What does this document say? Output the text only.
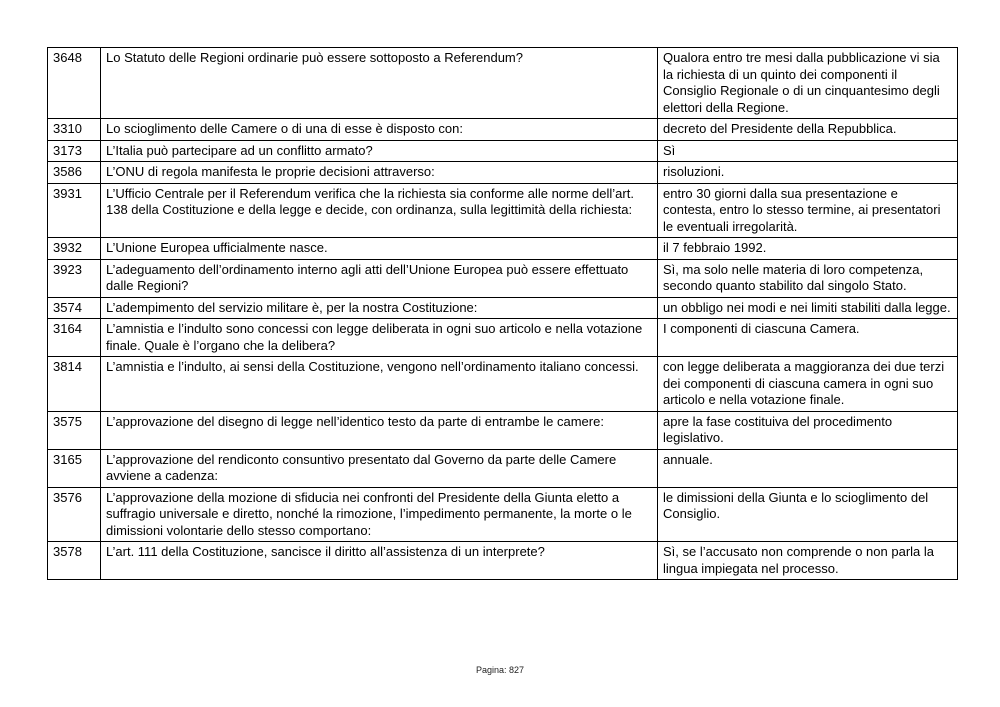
3648	Lo Statuto delle Regioni ordinarie può essere sottoposto a Referendum?	Qualora entro tre mesi dalla pubblicazione vi sia la richiesta di un quinto dei componenti il Consiglio Regionale o di un cinquantesimo degli elettori della Regione.
3310	Lo scioglimento delle Camere o di una di esse è disposto con:	decreto del Presidente della Repubblica.
3173	L’Italia può partecipare ad un conflitto armato?	Sì
3586	L’ONU di regola manifesta le proprie decisioni attraverso:	risoluzioni.
3931	L’Ufficio Centrale per il Referendum verifica che la richiesta sia conforme alle norme dell’art. 138 della Costituzione e della legge e decide, con ordinanza, sulla legittimità della richiesta:	entro 30 giorni dalla sua presentazione e contesta, entro lo stesso termine, ai presentatori le eventuali irregolarità.
3932	L’Unione Europea ufficialmente nasce.	il 7 febbraio 1992.
3923	L’adeguamento dell’ordinamento interno agli atti dell’Unione Europea può essere effettuato dalle Regioni?	Sì, ma solo nelle materia di loro competenza, secondo quanto stabilito dal singolo Stato.
3574	L’adempimento del servizio militare è, per la nostra Costituzione:	un obbligo nei modi e nei limiti stabiliti dalla legge.
3164	L’amnistia e l’indulto sono concessi con legge deliberata in ogni suo articolo e nella votazione finale. Quale è l’organo che la delibera?	I componenti di ciascuna Camera.
3814	L’amnistia e l’indulto, ai sensi della Costituzione, vengono nell’ordinamento italiano concessi.	con legge deliberata a maggioranza dei due terzi dei componenti di ciascuna camera in ogni suo articolo e nella votazione finale.
3575	L’approvazione del disegno di legge nell’identico testo da parte di entrambe le camere:	apre la fase costituiva del procedimento legislativo.
3165	L’approvazione del rendiconto consuntivo presentato dal Governo da parte delle Camere avviene a cadenza:	annuale.
3576	L’approvazione della mozione di sfiducia nei confronti del Presidente della Giunta eletto a suffragio universale e diretto, nonché la rimozione, l’impedimento permanente, la morte o le dimissioni volontarie dello stesso comportano:	le dimissioni della Giunta e lo scioglimento del Consiglio.
3578	L’art. 111 della Costituzione, sancisce il diritto all’assistenza di un interprete?	Sì, se l’accusato non comprende o non parla la lingua impiegata nel processo.
Pagina: 827
